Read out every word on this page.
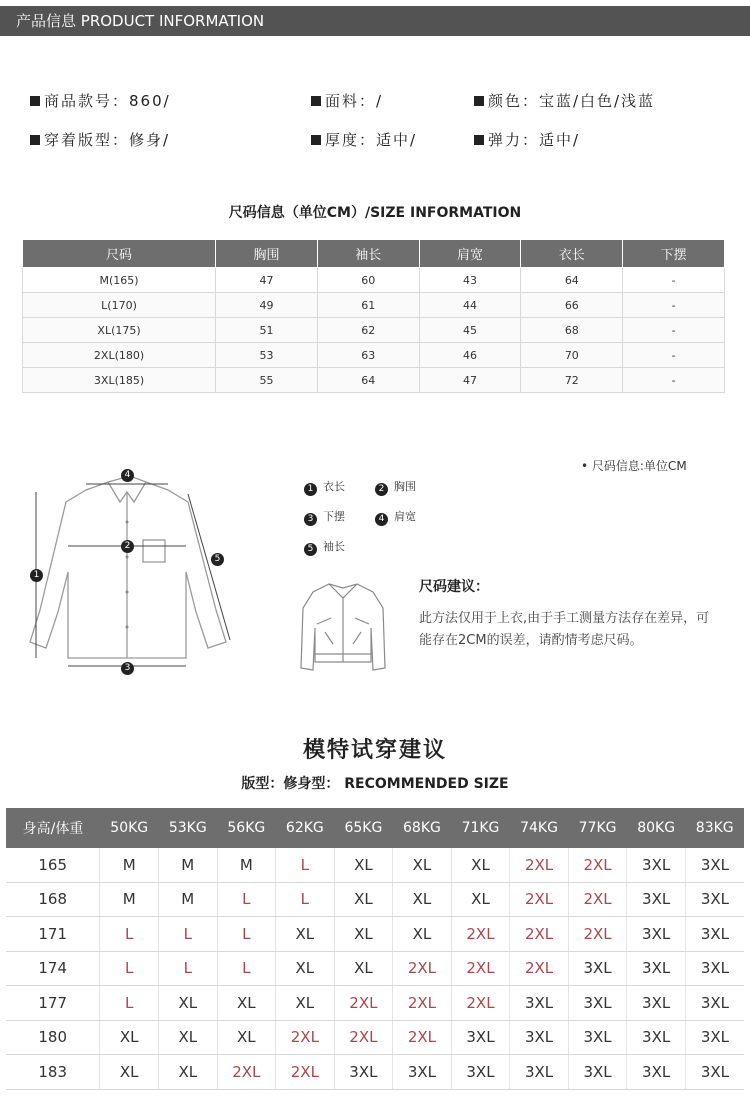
产品信息 PRODUCT INFORMATION
商品款号：860/	面料：/	颜色：宝蓝/白色/浅蓝
穿着版型：修身/	厚度：适中/	弹力：适中/
尺码信息（单位CM）/SIZE INFORMATION
尺码	胸围	袖长	肩宽	衣长	下摆
M(165)	47	60	43	64	-
L(170)	49	61	44	66	-
XL(175)	51	62	45	68	-
2XL(180)	53	63	46	70	-
3XL(185)	55	64	47	72	-
4
2
3
1
5
• 尺码信息:单位CM
1 衣长	2 胸围
3 下摆	4 肩宽
5 袖长
尺码建议：
此方法仅用于上衣,由于手工测量方法存在差异，可能存在2CM的误差，请酌情考虑尺码。
模特试穿建议
版型：修身型： RECOMMENDED SIZE
身高/体重	50KG	53KG	56KG	62KG	65KG	68KG	71KG	74KG	77KG	80KG	83KG
165	M	M	M	L	XL	XL	XL	2XL	2XL	3XL	3XL
168	M	M	L	L	XL	XL	XL	2XL	2XL	3XL	3XL
171	L	L	L	XL	XL	XL	2XL	2XL	2XL	3XL	3XL
174	L	L	L	XL	XL	2XL	2XL	2XL	3XL	3XL	3XL
177	L	XL	XL	XL	2XL	2XL	2XL	3XL	3XL	3XL	3XL
180	XL	XL	XL	2XL	2XL	2XL	3XL	3XL	3XL	3XL	3XL
183	XL	XL	2XL	2XL	3XL	3XL	3XL	3XL	3XL	3XL	3XL
